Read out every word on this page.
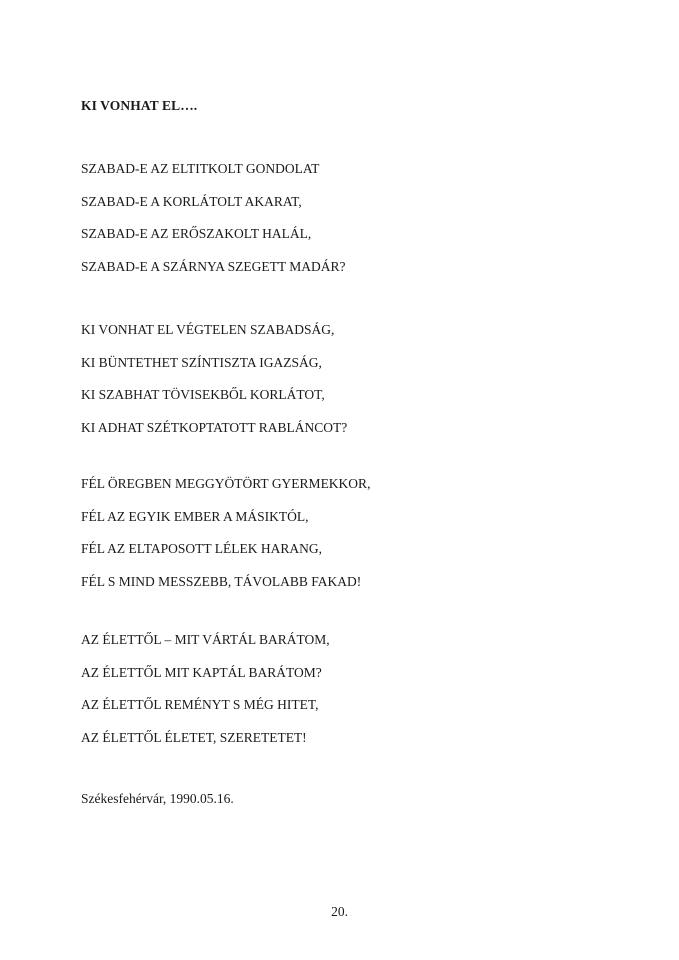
KI VONHAT EL….
SZABAD-E AZ ELTITKOLT GONDOLAT
SZABAD-E A KORLÁTOLT AKARAT,
SZABAD-E AZ ERŐSZAKOLT HALÁL,
SZABAD-E A SZÁRNYA SZEGETT MADÁR?
KI VONHAT EL VÉGTELEN SZABADSÁG,
KI BÜNTETHET SZÍNTISZTA IGAZSÁG,
KI SZABHAT TÖVISEKBŐL KORLÁTOT,
KI ADHAT SZÉTKOPTATOTT RABLÁNCOT?
FÉL ÖREGBEN MEGGYÖTÖRT GYERMEKKOR,
FÉL AZ EGYIK EMBER A MÁSIKTÓL,
FÉL AZ ELTAPOSOTT LÉLEK HARANG,
FÉL S MIND MESSZEBB, TÁVOLABB FAKAD!
AZ ÉLETTŐL – MIT VÁRTÁL BARÁTOM,
AZ ÉLETTŐL MIT KAPTÁL BARÁTOM?
AZ ÉLETTŐL REMÉNYT S MÉG HITET,
AZ ÉLETTŐL ÉLETET, SZERETETET!
Székesfehérvár, 1990.05.16.
20.
